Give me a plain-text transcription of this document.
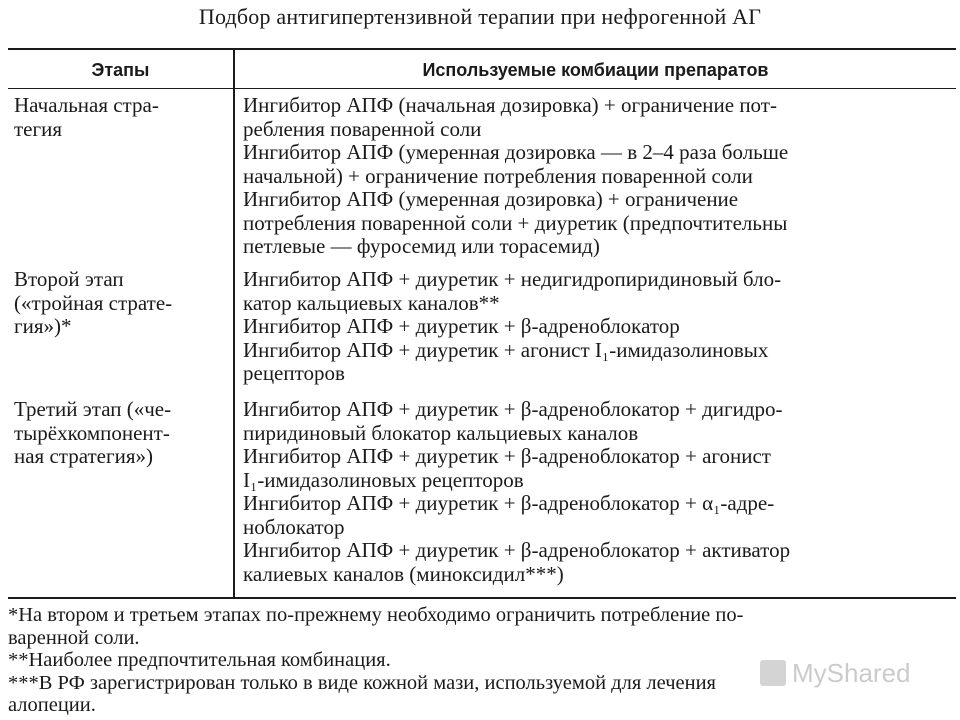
Подбор антигипертензивной терапии при нефрогенной АГ
Этапы	Используемые комбиации препаратов
Начальная стра-
тегия
Ингибитор АПФ (начальная дозировка) + ограничение пот-
ребления поваренной соли
Ингибитор АПФ (умеренная дозировка — в 2–4 раза больше
начальной) + ограничение потребления поваренной соли
Ингибитор АПФ (умеренная дозировка) + ограничение
потребления поваренной соли + диуретик (предпочтительны
петлевые — фуросемид или торасемид)
Второй этап
(«тройная страте-
гия»)*
Ингибитор АПФ + диуретик + недигидропиридиновый бло-
катор кальциевых каналов**
Ингибитор АПФ + диуретик + β-адреноблокатор
Ингибитор АПФ + диуретик + агонист I₁-имидазолиновых
рецепторов
Третий этап («че-
тырёхкомпонент-
ная стратегия»)
Ингибитор АПФ + диуретик + β-адреноблокатор + дигидро-
пиридиновый блокатор кальциевых каналов
Ингибитор АПФ + диуретик + β-адреноблокатор + агонист
I₁-имидазолиновых рецепторов
Ингибитор АПФ + диуретик + β-адреноблокатор + α₁-адре-
ноблокатор
Ингибитор АПФ + диуретик + β-адреноблокатор + активатор
калиевых каналов (миноксидил***)
*На втором и третьем этапах по-прежнему необходимо ограничить потребление по-
варенной соли.
**Наиболее предпочтительная комбинация.
***В РФ зарегистрирован только в виде кожной мази, используемой для лечения
алопеции.
MyShared
